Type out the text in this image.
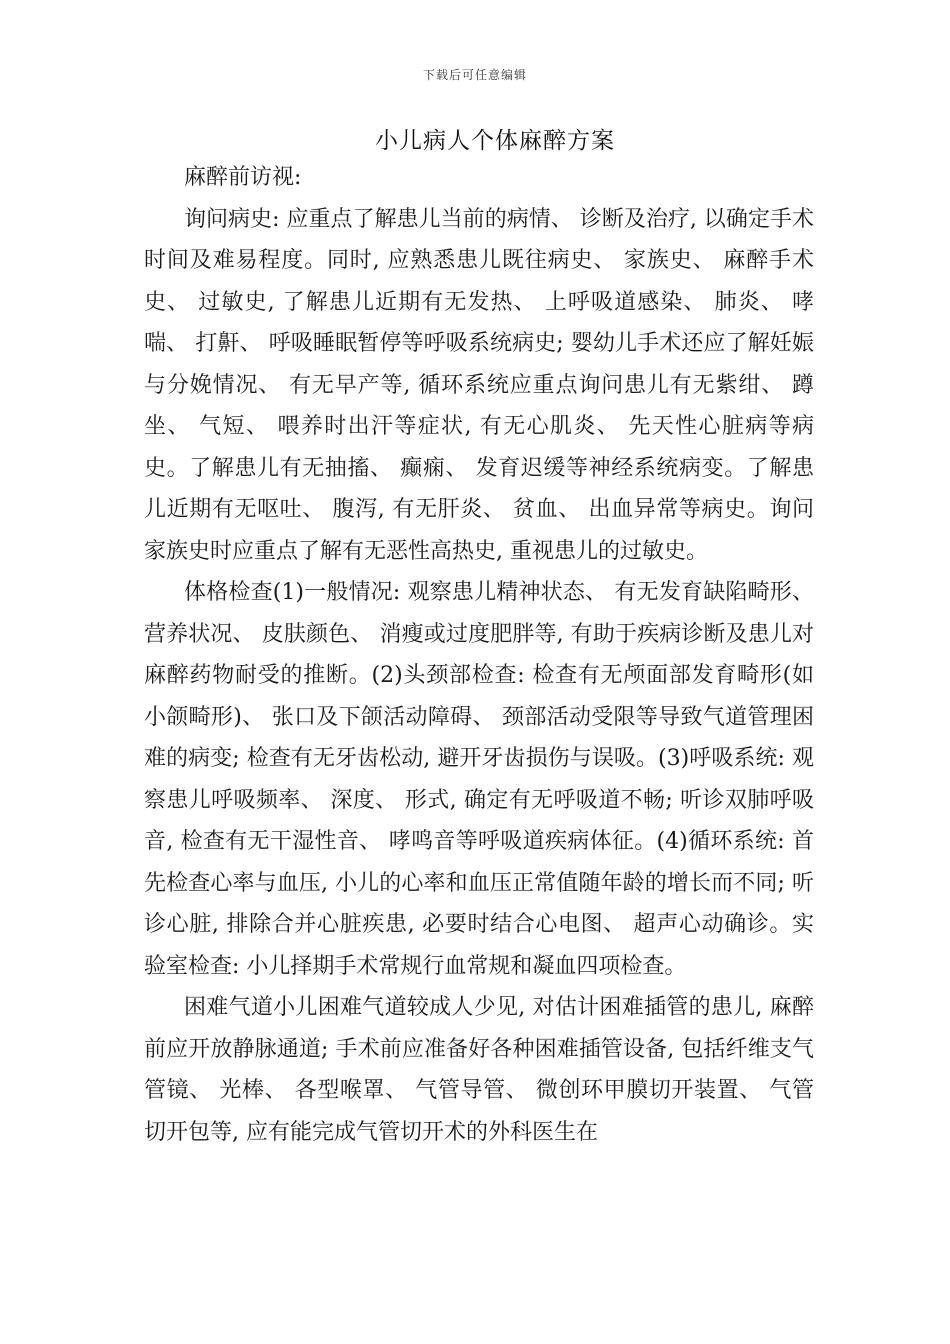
下载后可任意编辑
小儿病人个体麻醉方案

麻醉前访视:

询问病史: 应重点了解患儿当前的病情、 诊断及治疗, 以确定手术时间及难易程度。同时, 应熟悉患儿既往病史、 家族史、 麻醉手术史、 过敏史, 了解患儿近期有无发热、 上呼吸道感染、 肺炎、 哮喘、 打鼾、 呼吸睡眠暂停等呼吸系统病史; 婴幼儿手术还应了解妊娠与分娩情况、 有无早产等, 循环系统应重点询问患儿有无紫绀、 蹲坐、 气短、 喂养时出汗等症状, 有无心肌炎、 先天性心脏病等病史。了解患儿有无抽搐、 癫痫、 发育迟缓等神经系统病变。了解患儿近期有无呕吐、 腹泻, 有无肝炎、 贫血、 出血异常等病史。询问家族史时应重点了解有无恶性高热史, 重视患儿的过敏史。

体格检查(1)一般情况: 观察患儿精神状态、 有无发育缺陷畸形、 营养状况、 皮肤颜色、 消瘦或过度肥胖等, 有助于疾病诊断及患儿对麻醉药物耐受的推断。(2)头颈部检查: 检查有无颅面部发育畸形(如小颌畸形)、 张口及下颌活动障碍、 颈部活动受限等导致气道管理困难的病变; 检查有无牙齿松动, 避开牙齿损伤与误吸。(3)呼吸系统: 观察患儿呼吸频率、 深度、 形式, 确定有无呼吸道不畅; 听诊双肺呼吸音, 检查有无干湿性音、 哮鸣音等呼吸道疾病体征。(4)循环系统: 首先检查心率与血压, 小儿的心率和血压正常值随年龄的增长而不同; 听诊心脏, 排除合并心脏疾患, 必要时结合心电图、 超声心动确诊。实验室检查: 小儿择期手术常规行血常规和凝血四项检查。

困难气道小儿困难气道较成人少见, 对估计困难插管的患儿, 麻醉前应开放静脉通道; 手术前应准备好各种困难插管设备, 包括纤维支气管镜、 光棒、 各型喉罩、 气管导管、 微创环甲膜切开装置、 气管切开包等, 应有能完成气管切开术的外科医生在
